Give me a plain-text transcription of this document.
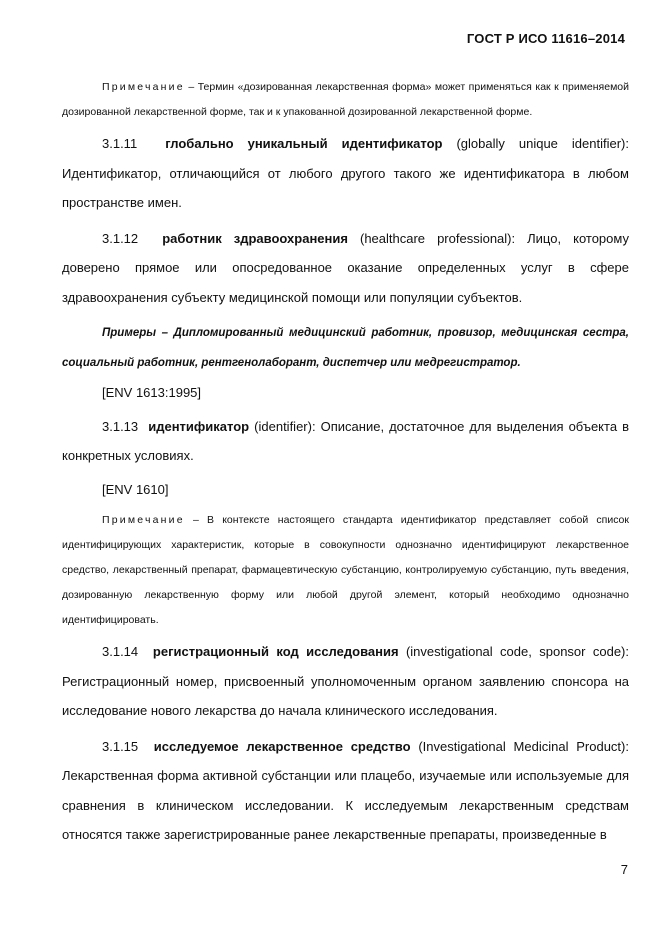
ГОСТ Р ИСО 11616–2014

Примечание – Термин «дозированная лекарственная форма» может применяться как к применяемой дозированной лекарственной форме, так и к упакованной дозированной лекарственной форме.

3.1.11 глобально уникальный идентификатор (globally unique identifier): Идентификатор, отличающийся от любого другого такого же идентификатора в любом пространстве имен.

3.1.12 работник здравоохранения (healthcare professional): Лицо, которому доверено прямое или опосредованное оказание определенных услуг в сфере здравоохранения субъекту медицинской помощи или популяции субъектов.

Примеры – Дипломированный медицинский работник, провизор, медицинская сестра, социальный работник, рентгенолаборант, диспетчер или медрегистратор.

[ENV 1613:1995]

3.1.13 идентификатор (identifier): Описание, достаточное для выделения объекта в конкретных условиях.

[ENV 1610]

Примечание – В контексте настоящего стандарта идентификатор представляет собой список идентифицирующих характеристик, которые в совокупности однозначно идентифицируют лекарственное средство, лекарственный препарат, фармацевтическую субстанцию, контролируемую субстанцию, путь введения, дозированную лекарственную форму или любой другой элемент, который необходимо однозначно идентифицировать.

3.1.14 регистрационный код исследования (investigational code, sponsor code): Регистрационный номер, присвоенный уполномоченным органом заявлению спонсора на исследование нового лекарства до начала клинического исследования.

3.1.15 исследуемое лекарственное средство (Investigational Medicinal Product): Лекарственная форма активной субстанции или плацебо, изучаемые или используемые для сравнения в клиническом исследовании. К исследуемым лекарственным средствам относятся также зарегистрированные ранее лекарственные препараты, произведенные в

7
